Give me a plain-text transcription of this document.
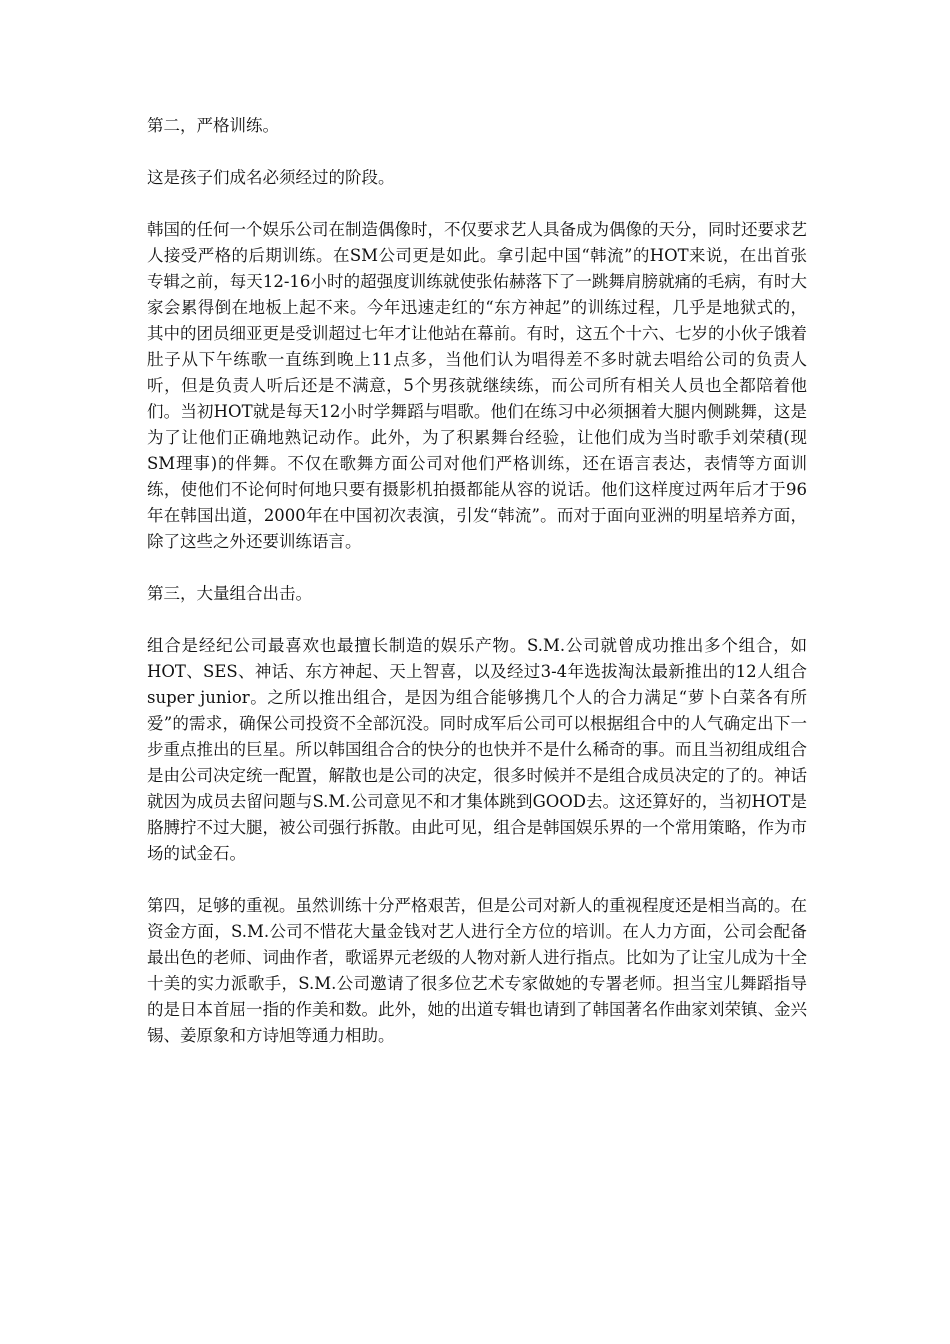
第二，严格训练。

这是孩子们成名必须经过的阶段。

韩国的任何一个娱乐公司在制造偶像时，不仅要求艺人具备成为偶像的天分，同时还要求艺人接受严格的后期训练。在SM公司更是如此。拿引起中国“韩流”的HOT来说，在出首张专辑之前，每天12-16小时的超强度训练就使张佑赫落下了一跳舞肩膀就痛的毛病，有时大家会累得倒在地板上起不来。今年迅速走红的“东方神起”的训练过程，几乎是地狱式的，其中的团员细亚更是受训超过七年才让他站在幕前。有时，这五个十六、七岁的小伙子饿着肚子从下午练歌一直练到晚上11点多，当他们认为唱得差不多时就去唱给公司的负责人听，但是负责人听后还是不满意，5个男孩就继续练，而公司所有相关人员也全都陪着他们。当初HOT就是每天12小时学舞蹈与唱歌。他们在练习中必须捆着大腿内侧跳舞，这是为了让他们正确地熟记动作。此外，为了积累舞台经验，让他们成为当时歌手刘荣積(现SM理事)的伴舞。不仅在歌舞方面公司对他们严格训练，还在语言表达，表情等方面训练，使他们不论何时何地只要有摄影机拍摄都能从容的说话。他们这样度过两年后才于96年在韩国出道，2000年在中国初次表演，引发“韩流”。而对于面向亚洲的明星培养方面，除了这些之外还要训练语言。

第三，大量组合出击。

组合是经纪公司最喜欢也最擅长制造的娱乐产物。S.M.公司就曾成功推出多个组合，如HOT、SES、神话、东方神起、天上智喜，以及经过3-4年选拔淘汰最新推出的12人组合super junior。之所以推出组合，是因为组合能够携几个人的合力满足“萝卜白菜各有所爱”的需求，确保公司投资不全部沉没。同时成军后公司可以根据组合中的人气确定出下一步重点推出的巨星。所以韩国组合合的快分的也快并不是什么稀奇的事。而且当初组成组合是由公司决定统一配置，解散也是公司的决定，很多时候并不是组合成员决定的了的。神话就因为成员去留问题与S.M.公司意见不和才集体跳到GOOD去。这还算好的，当初HOT是胳膊拧不过大腿，被公司强行拆散。由此可见，组合是韩国娱乐界的一个常用策略，作为市场的试金石。

第四，足够的重视。虽然训练十分严格艰苦，但是公司对新人的重视程度还是相当高的。在资金方面，S.M.公司不惜花大量金钱对艺人进行全方位的培训。在人力方面，公司会配备最出色的老师、词曲作者，歌谣界元老级的人物对新人进行指点。比如为了让宝儿成为十全十美的实力派歌手，S.M.公司邀请了很多位艺术专家做她的专署老师。担当宝儿舞蹈指导的是日本首屈一指的作美和数。此外，她的出道专辑也请到了韩国著名作曲家刘荣镇、金兴锡、姜原象和方诗旭等通力相助。
